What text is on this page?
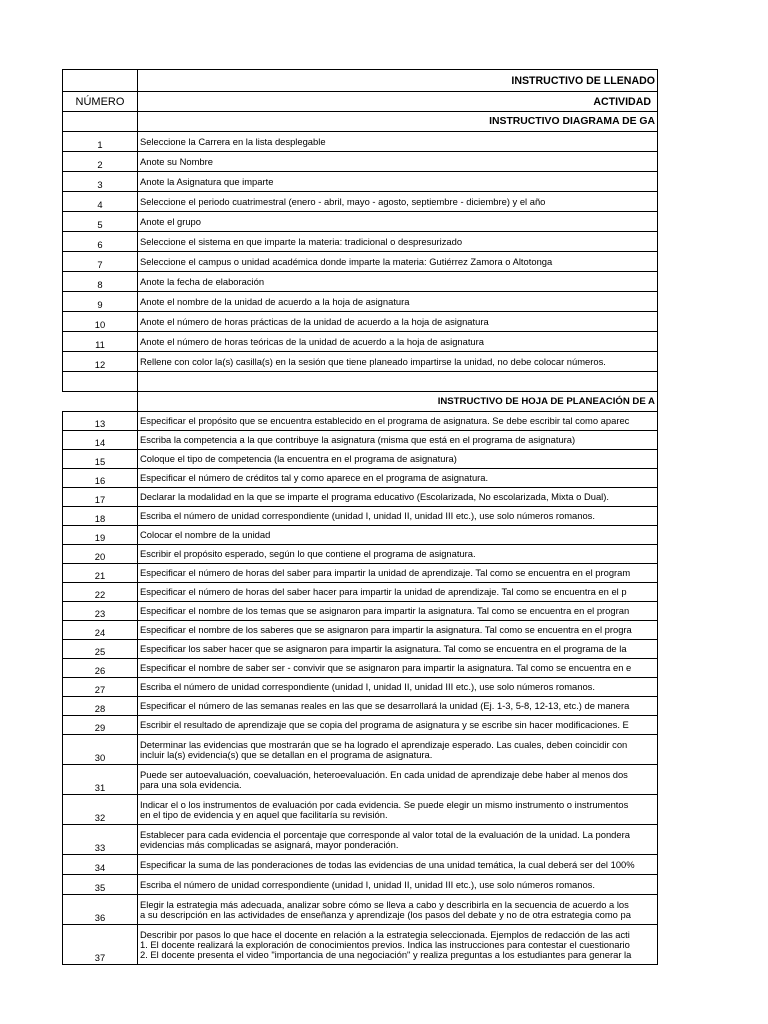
	INSTRUCTIVO DE LLENADO
NÚMERO	ACTIVIDAD
	INSTRUCTIVO DIAGRAMA DE GA
1	Seleccione la Carrera en la lista desplegable
2	Anote su Nombre
3	Anote la Asignatura que imparte
4	Seleccione el periodo cuatrimestral (enero - abril, mayo - agosto, septiembre - diciembre) y el año
5	Anote el grupo
6	Seleccione el sistema en que imparte la materia: tradicional o despresurizado
7	Seleccione el campus o unidad académica donde imparte la materia: Gutiérrez Zamora o Altotonga
8	Anote la fecha de elaboración
9	Anote el nombre de la unidad de acuerdo a la hoja de asignatura
10	Anote el número de horas prácticas de la unidad de acuerdo a la hoja de asignatura
11	Anote el número de horas teóricas de la unidad de acuerdo a la hoja de asignatura
12	Rellene con color la(s) casilla(s) en la sesión que tiene planeado impartirse la unidad, no debe colocar números.

	INSTRUCTIVO DE HOJA DE PLANEACIÓN DE A
13	Especificar el propósito que se encuentra establecido en el programa de asignatura. Se debe escribir tal como aparec
14	Escriba la competencia a la que contribuye la asignatura (misma que está en el programa de asignatura)
15	Coloque el tipo de competencia (la encuentra en el programa de asignatura)
16	Especificar el número de créditos tal y como aparece en el programa de asignatura.
17	Declarar la modalidad en la que se imparte el programa educativo (Escolarizada, No escolarizada, Mixta o Dual).
18	Escriba el número de unidad correspondiente (unidad I, unidad II, unidad III etc.), use solo números romanos.
19	Colocar el nombre de la unidad
20	Escribir el propósito esperado, según lo que contiene el programa de asignatura.
21	Especificar el número de horas del saber para impartir la unidad de aprendizaje. Tal como se encuentra en el program
22	Especificar el número de horas del saber hacer para impartir la unidad de aprendizaje. Tal como se encuentra en el p
23	Especificar el nombre de los temas que se asignaron para impartir la asignatura. Tal como se encuentra en el progran
24	Especificar el nombre de los saberes que se asignaron para impartir la asignatura. Tal como se encuentra en el progra
25	Especificar los saber hacer que se asignaron para impartir la asignatura. Tal como se encuentra en el programa de la
26	Especificar el nombre de saber ser - convivir que se asignaron para impartir la asignatura. Tal como se encuentra en e
27	Escriba el número de unidad correspondiente (unidad I, unidad II, unidad III etc.), use solo números romanos.
28	Especificar el número de las semanas reales en las que se desarrollará la unidad (Ej. 1-3, 5-8, 12-13, etc.) de manera
29	Escribir el resultado de aprendizaje que se copia del programa de asignatura y se escribe sin hacer modificaciones. E
30	Determinar las evidencias que mostrarán que se ha logrado el aprendizaje esperado. Las cuales, deben coincidir con
incluir la(s) evidencia(s) que se detallan en el programa de asignatura.

31	Puede ser autoevaluación, coevaluación, heteroevaluación. En cada unidad de aprendizaje debe haber al menos dos
para una sola evidencia.

32	Indicar el o los instrumentos de evaluación por cada evidencia. Se puede elegir un mismo instrumento o instrumentos
en el tipo de evidencia y en aquel que facilitaría su revisión.

33	Establecer para cada evidencia el porcentaje que corresponde al valor total de la evaluación de la unidad. La pondera
evidencias más complicadas se asignará, mayor ponderación.

34	Especificar la suma de las ponderaciones de todas las evidencias de una unidad temática, la cual deberá ser del 100%
35	Escriba el número de unidad correspondiente (unidad I, unidad II, unidad III etc.), use solo números romanos.
36	Elegir la estrategia más adecuada, analizar sobre cómo se lleva a cabo y describirla en la secuencia de acuerdo a los
a su descripción en las actividades de enseñanza y aprendizaje (los pasos del debate y no de otra estrategia como pa

37	Describir por pasos lo que hace el docente en relación a la estrategia seleccionada. Ejemplos de redacción de las acti
1. El docente realizará la exploración de conocimientos previos. Indica las instrucciones para contestar el cuestionario
2. El docente presenta el video "importancia de una negociación" y realiza preguntas a los estudiantes para generar la
